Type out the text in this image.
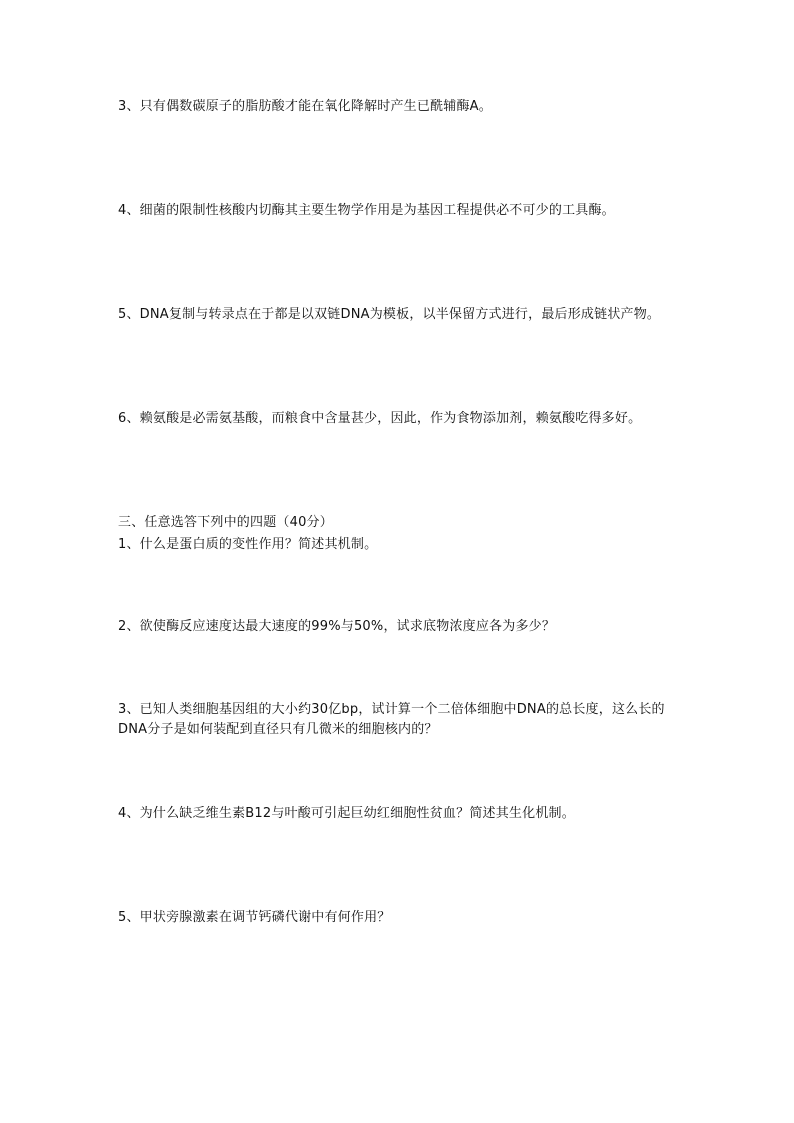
3、只有偶数碳原子的脂肪酸才能在氧化降解时产生已酰辅酶A。
4、细菌的限制性核酸内切酶其主要生物学作用是为基因工程提供必不可少的工具酶。
5、DNA复制与转录点在于都是以双链DNA为模板，以半保留方式进行，最后形成链状产物。
6、赖氨酸是必需氨基酸，而粮食中含量甚少，因此，作为食物添加剂，赖氨酸吃得多好。
三、任意选答下列中的四题（40分）
1、什么是蛋白质的变性作用？简述其机制。
2、欲使酶反应速度达最大速度的99%与50%，试求底物浓度应各为多少？
3、已知人类细胞基因组的大小约30亿bp，试计算一个二倍体细胞中DNA的总长度，这么长的DNA分子是如何装配到直径只有几微米的细胞核内的？
4、为什么缺乏维生素B12与叶酸可引起巨幼红细胞性贫血？简述其生化机制。
5、甲状旁腺激素在调节钙磷代谢中有何作用？
